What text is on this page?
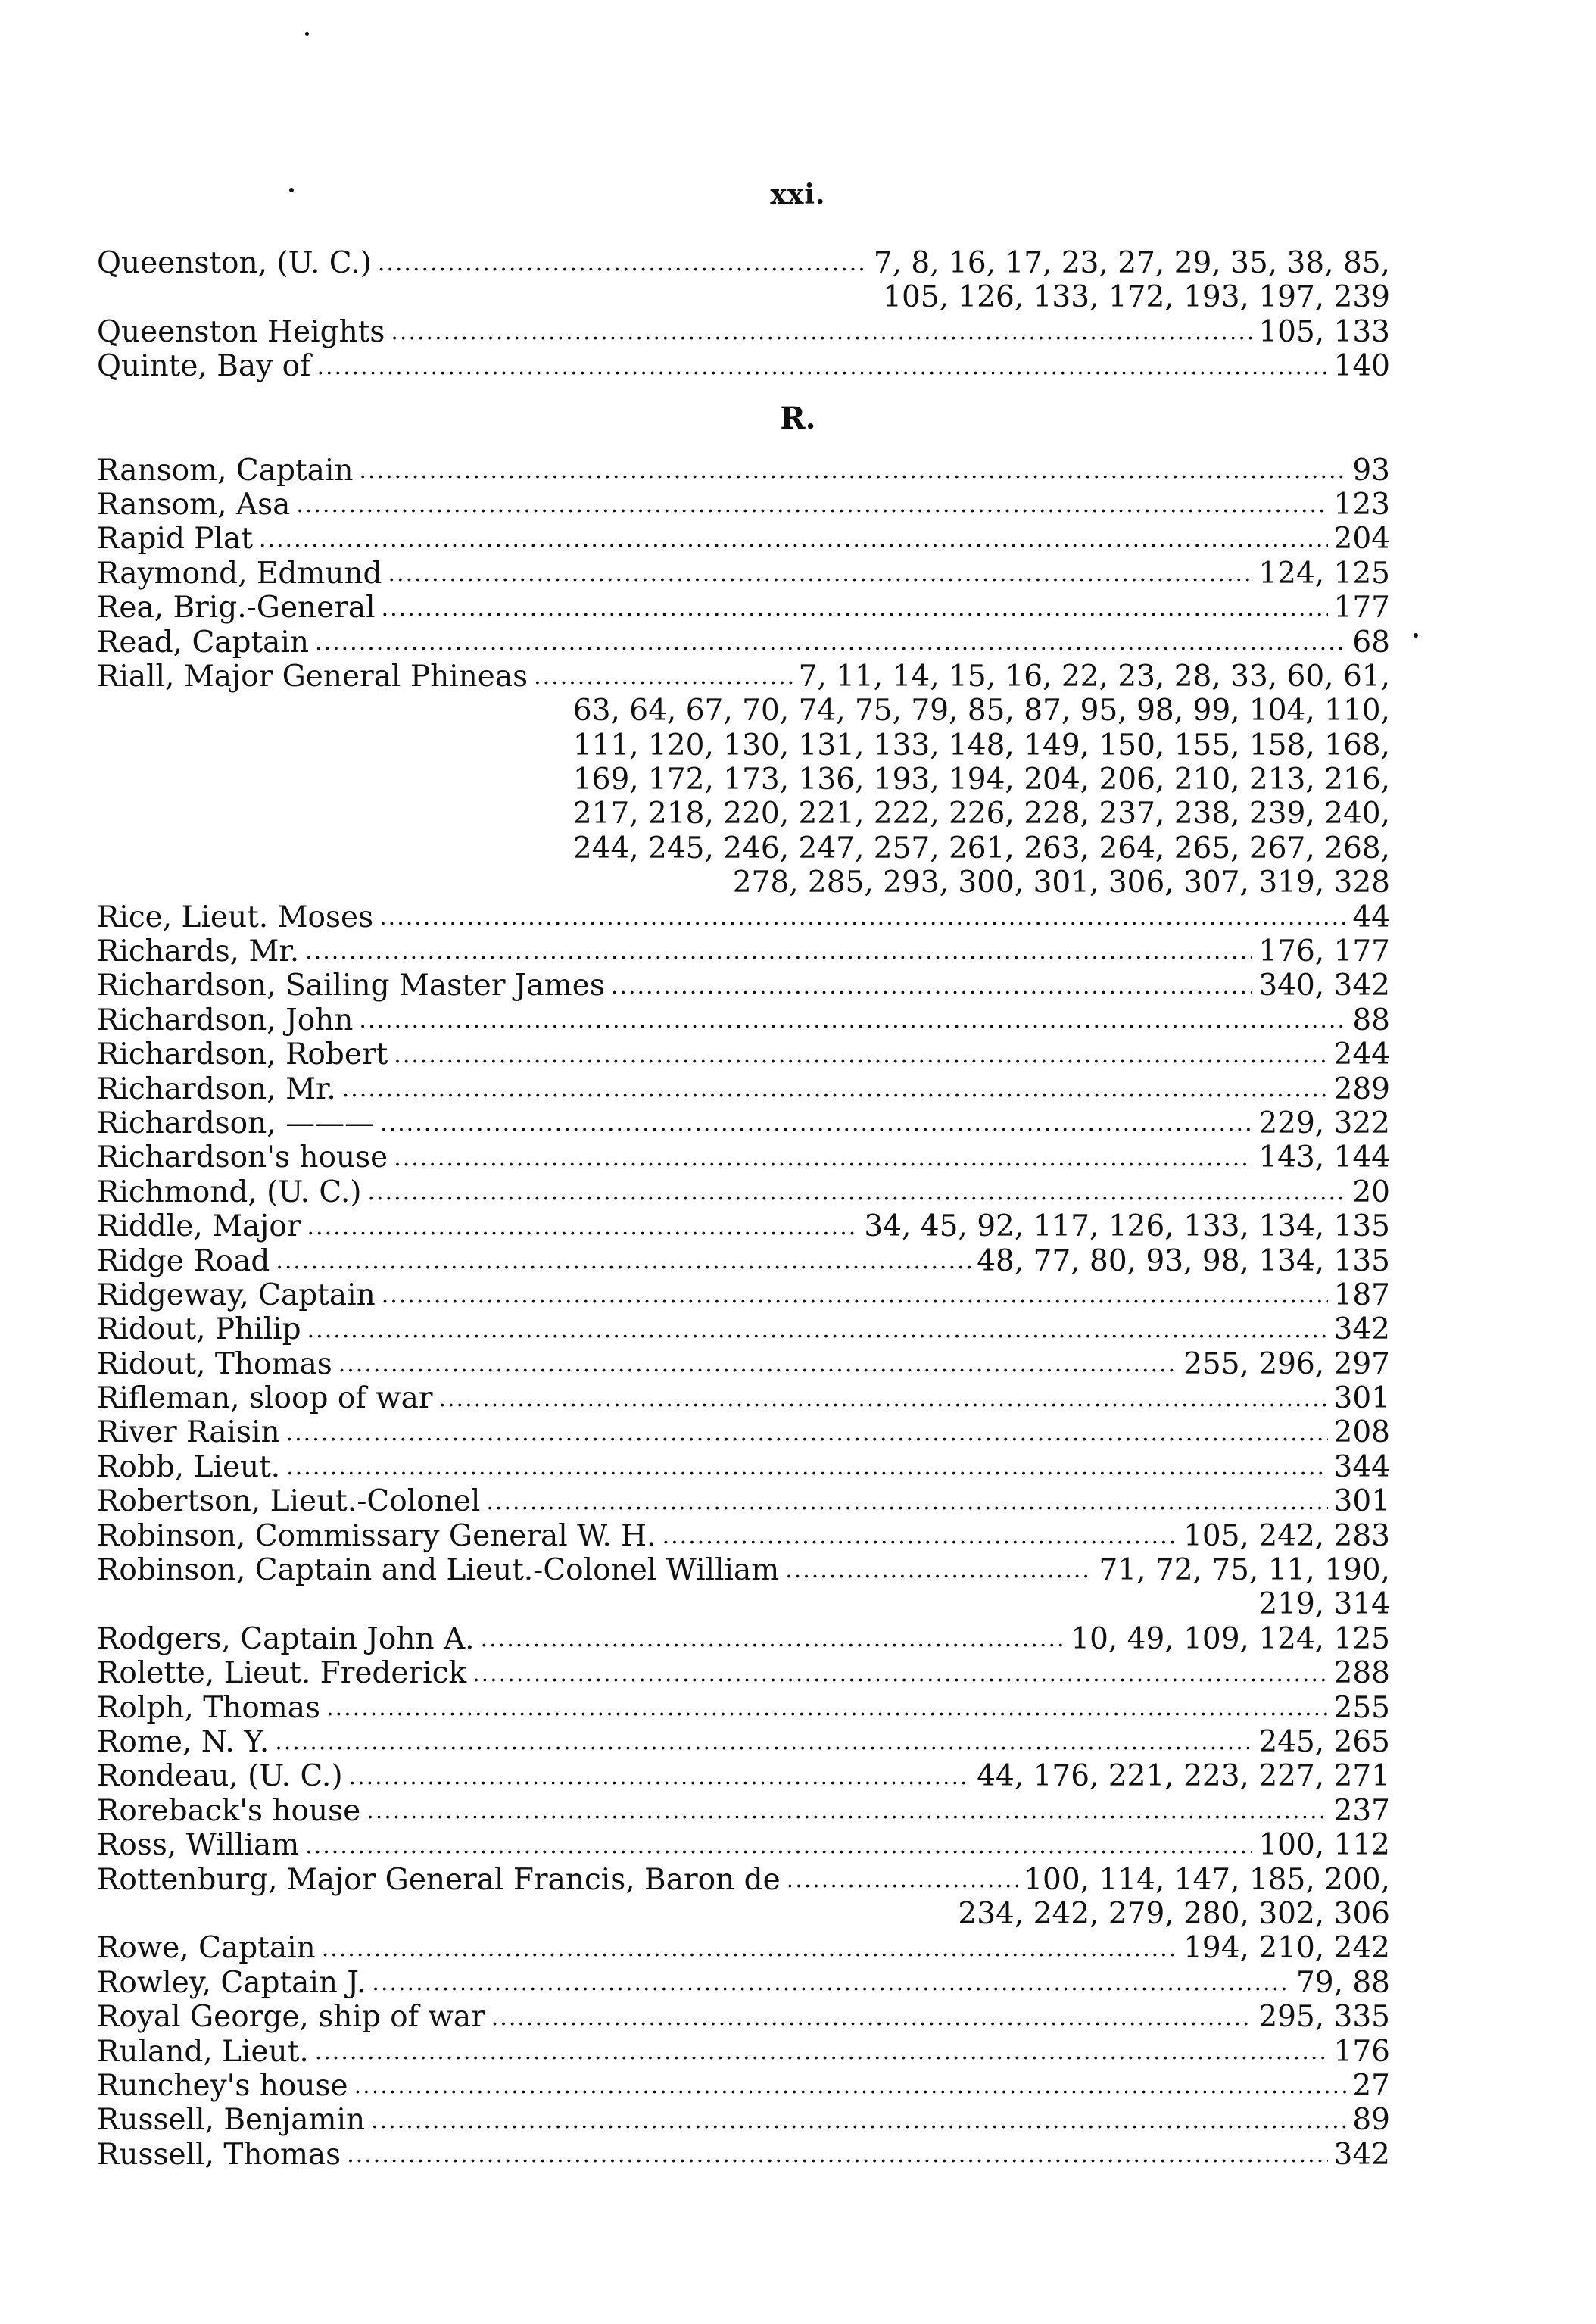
xxi.
Queenston, (U. C.) .....	7, 8, 16, 17, 23, 27, 29, 35, 38, 85,
105, 126, 133, 172, 193, 197, 239
Queenston Heights .....	105, 133
Quinte, Bay of .....	140
R.
Ransom, Captain .....	93
Ransom, Asa .....	123
Rapid Plat .....	204
Raymond, Edmund .....	124, 125
Rea, Brig.-General .....	177
Read, Captain .....	68
Riall, Major General Phineas .....	7, 11, 14, 15, 16, 22, 23, 28, 33, 60, 61,
63, 64, 67, 70, 74, 75, 79, 85, 87, 95, 98, 99, 104, 110,
111, 120, 130, 131, 133, 148, 149, 150, 155, 158, 168,
169, 172, 173, 136, 193, 194, 204, 206, 210, 213, 216,
217, 218, 220, 221, 222, 226, 228, 237, 238, 239, 240,
244, 245, 246, 247, 257, 261, 263, 264, 265, 267, 268,
278, 285, 293, 300, 301, 306, 307, 319, 328
Rice, Lieut. Moses .....	44
Richards, Mr. .....	176, 177
Richardson, Sailing Master James .....	340, 342
Richardson, John .....	88
Richardson, Robert .....	244
Richardson, Mr. .....	289
Richardson, ——— .....	229, 322
Richardson's house .....	143, 144
Richmond, (U. C.) .....	20
Riddle, Major .....	34, 45, 92, 117, 126, 133, 134, 135
Ridge Road .....	48, 77, 80, 93, 98, 134, 135
Ridgeway, Captain .....	187
Ridout, Philip .....	342
Ridout, Thomas .....	255, 296, 297
Rifleman, sloop of war .....	301
River Raisin .....	208
Robb, Lieut. .....	344
Robertson, Lieut.-Colonel .....	301
Robinson, Commissary General W. H. .....	105, 242, 283
Robinson, Captain and Lieut.-Colonel William .....	71, 72, 75, 11, 190,
219, 314
Rodgers, Captain John A. .....	10, 49, 109, 124, 125
Rolette, Lieut. Frederick .....	288
Rolph, Thomas .....	255
Rome, N. Y. .....	245, 265
Rondeau, (U. C.) .....	44, 176, 221, 223, 227, 271
Roreback's house .....	237
Ross, William .....	100, 112
Rottenburg, Major General Francis, Baron de .....	100, 114, 147, 185, 200,
234, 242, 279, 280, 302, 306
Rowe, Captain .....	194, 210, 242
Rowley, Captain J. .....	79, 88
Royal George, ship of war .....	295, 335
Ruland, Lieut. .....	176
Runchey's house .....	27
Russell, Benjamin .....	89
Russell, Thomas .....	342
